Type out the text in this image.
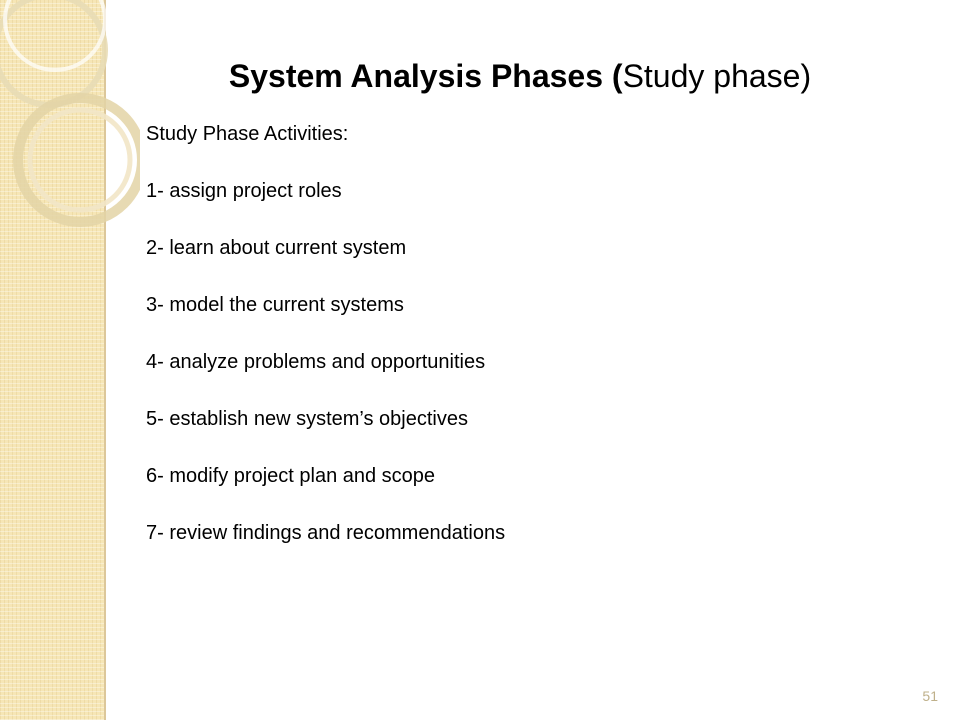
System Analysis Phases (Study phase)

Study Phase Activities:

1- assign project roles

2- learn about current system

3- model the current systems

4- analyze problems and opportunities

5- establish new system’s objectives

6- modify project plan and scope

7- review findings and recommendations

51
